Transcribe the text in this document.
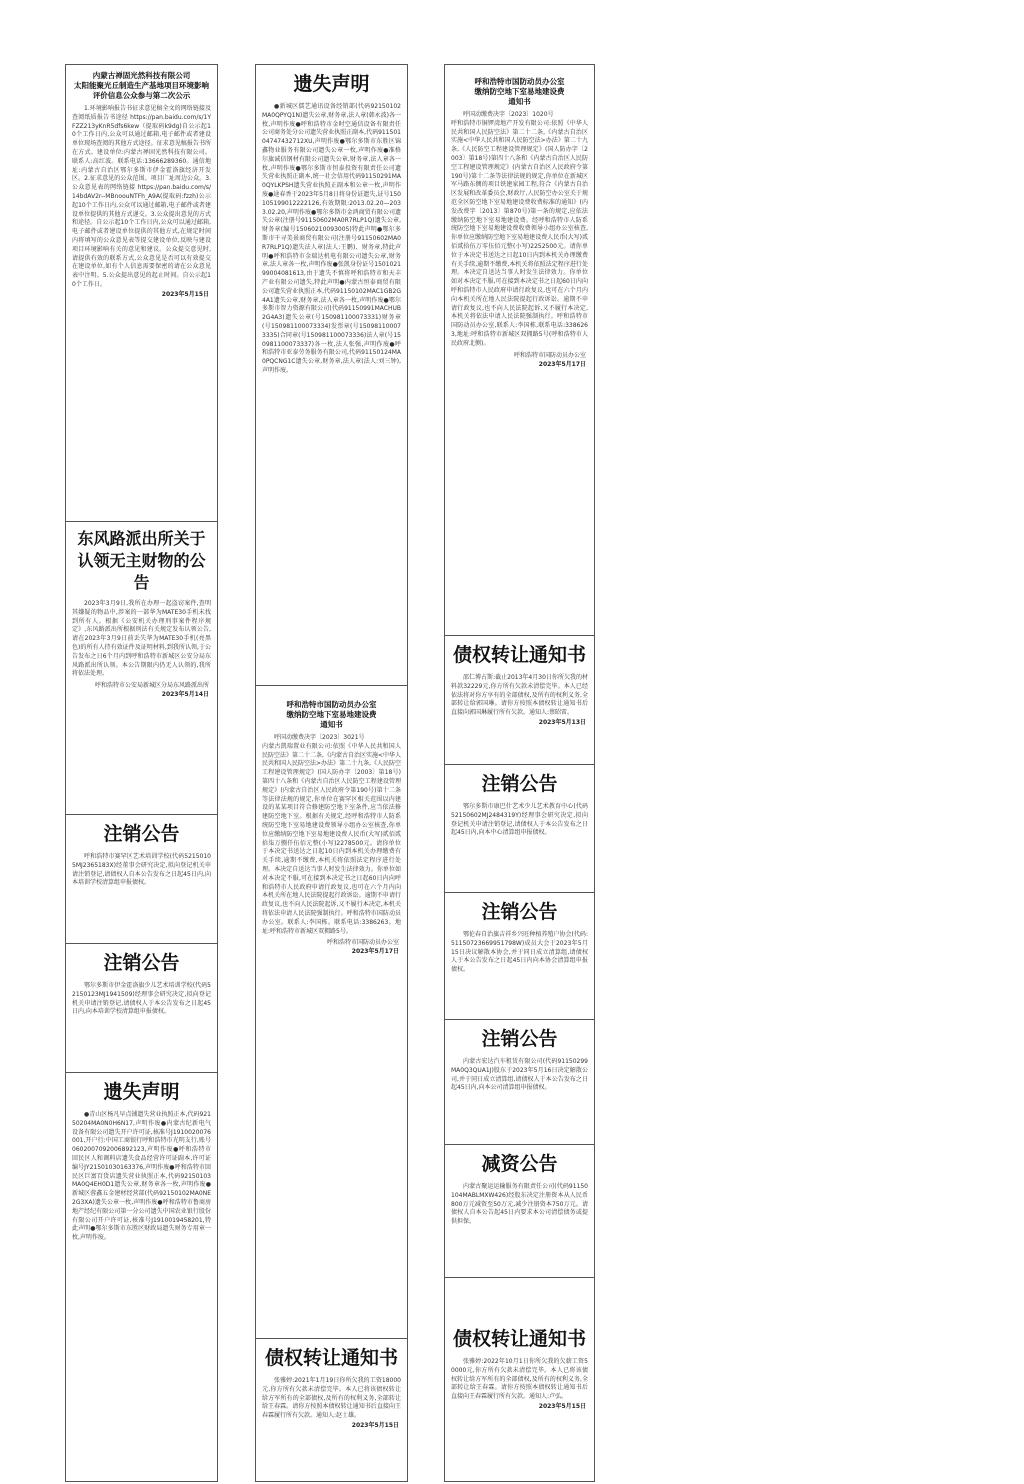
内蒙古禅固光然科技有限公司
太阳能聚光丘制造生产基地项目环境影响评价信息公众参与第二次公示

1.环境影响报告书征求意见稿全文的网络链接及查阅纸质报告书途径 https://pan.baidu.com/s/1YFZZ213yKnR5dfs6kew（提取码k9dg)自公示起10个工作日内,公众可以通过邮箱,电子邮件或者建设单位现场查阅的其他方式途径。征求意见稿报告书所在方式。建设单位:内蒙古禅固光然科技有限公司。联系人:高红波。联系电话:13666289360。通信地址:内蒙古自治区鄂尔多斯市伊金霍洛旗经济开发区。2.征求意见的公众范围。项目厂址周边公众。3.公众意见表的网络链接 https://pan.baidu.com/s/14bdAV2r--MBnoouNTFh_A9A(提取码:fzzh)公示起10个工作日内,公众可以通过邮箱,电子邮件或者建设单位提供的其他方式递交。3.公众提出意见的方式和途径。自公示起10个工作日内,公众可以通过邮箱,电子邮件或者建设单位提供的其他方式,在规定时间内将填写的公众意见表等提交建设单位,反映与建设项目环境影响有关的意见和建议。公众提交意见时,请提供有效的联系方式,公众意见是否可以有效提交在建设单位,如有个人信息需要保密的请在公众意见表中注明。5.公众提出意见的起止时间。自公示起10个工作日。

2023年5月15日
东风路派出所关于认领无主财物的公告

2023年3月9日,我所在办理一起盗窃案件,查明其嫌疑的物品中,涉案的一部华为MATE30手机未找到所有人。根据《公安机关办理刑事案件程序规定》,东风路派出所根据刑法有关规定发布认领公告,请在2023年3月9日前丢失华为MATE30手机(亮黑色)的所有人持有效证件及证明材料,到我所认领,于公告发布之日6个月内到呼和浩特市新城区公安分局东风路派出所认领。本公告期限内仍无人认领的,我所将依法处理。

呼和浩特市公安局新城区分局东风路派出所
2023年5月14日
注销公告

呼和浩特市赛罕区艺术培训学校(代码52150105MJ2365183X)经董事会研究决定,拟向登记机关申请注销登记,请债权人自本公告发布之日起45日内,向本培训学校清算组申报债权。

注销公告

鄂尔多斯市伊金霍洛旗少儿艺术培训学校(代码52150123MJ1941509)经理事会研究决定,拟向登记机关申请注销登记,请债权人于本公告发布之日起45日内,向本培训学校清算组申报债权。

遗失声明

●青山区杨凡早点铺遗失营业执照正本,代码92150204MA0N0H6N17,声明作废●内蒙古纪新电气设备有限公司遗失开户许可证,核准号J1910020076001,开户行:中国工商银行呼和浩特市光明支行,账号0602007092006892123,声明作废●呼和浩特市回民区人和调料店遗失食品经营许可证副本,许可证编号JY21501030163376,声明作废●呼和浩特市回民区巨富百货店遗失营业执照正本,代码92150103MA0Q4EH0D1遗失公章,财务章各一枚,声明作废●新城区蓉鑫五金建材经营部(代码92150102MA0NE2G3XA)遗失公章一枚,声明作废●呼和浩特市鲁商房地产经纪有限公司第一分公司遗失中国农业银行股份有限公司开户许可证,核准号J1910019458201,特此声明●鄂尔多斯市东胜区财政局遗失财务专用章一枚,声明作废。

遗失声明

●新城区儒艺通讯设备经销部(代码92150102MA0QPYQ1N)遗失公章,财务章,法人章(韩永波)各一枚,声明作废●呼和浩特市金时空通信设备有限责任公司商务处分公司遗失营业执照正副本,代码91150104747432712XU,声明作废●鄂尔多斯市东胜区锦鑫物业服务有限公司遗失公章一枚,声明作废●准格尔旗诚信钢材有限公司遗失公章,财务章,法人章各一枚,声明作废●鄂尔多斯市恒泰投资有限责任公司遗失营业执照正副本,统一社会信用代码91150291MA0QYLKPSH遗失营业执照正副本和公章一枚,声明作废●逯春香于2023年5月8日将身份证遗失,证号150105199012222126,有效期限:2013.02.20—2033.02.20,声明作废●鄂尔多斯市金鸿商贸有限公司遗失公章(注册号91150602MA0R7RLP1Q)遗失公章,财务章(编号15060210093005)特此声明●鄂尔多斯市千寻美景商贸有限公司(注册号91150602MA0R7RLP1Q)遗失法人章(法人:王鹏)、财务章,特此声明●呼和浩特市金瑞达机电有限公司遗失公章,财务章,法人章各一枚,声明作废●张凯身份证号150102199004081613,由于遗失不慎将呼和浩特市和天丰产业有限公司遗失,特此声明●内蒙古恒泰商贸有限公司遗失营业执照正本,代码91150102MAC1GB2G4A1遗失公章,财务章,法人章各一枚,声明作废●鄂尔多斯市智力资源有限公司(代码91150991MACHUB2G4A3)遗失公章(号150981100073331)财务章(号150981100073334)发票章(号150981100073335)合同章(号150981100073336)法人章(号150981100073337)各一枚,法人张强,声明作废●呼和浩特市亚泰劳务服务有限公司,代码91150124MA0PQCNG1C遗失公章,财务章,法人章(法人:刘三钟),声明作废。

呼和浩特市国防动员办公室
缴纳防空地下室易地建设费
通知书

呼国动缴费决字〔2023〕3021号
内蒙古凯瑞置业有限公司:依照《中华人民共和国人民防空法》第二十二条,《内蒙古自治区实施<中华人民共和国人民防空法>办法》第二十九条,《人民防空工程建设管理规定》(国人防办字〔2003〕第18号)第四十八条和《内蒙古自治区人民防空工程建设管理规定》(内蒙古自治区人民政府令第190号)第十二条等法律法规的规定,你单位在赛罕区相关范围以内建设的某某项目符合修建防空地下室条件,应当依法修建防空地下室。根据有关规定,经呼和浩特市人防系统防空地下室易地建设费领导小组办公室核查,你单位应缴纳防空地下室易地建设费人民币(大写)贰佰贰拾柒万捌仟伍佰元整(小写)2278500元。请你单位于本决定书送达之日起10日内到本机关办理缴费有关手续,逾期不缴费,本机关将依照法定程序进行处理。本决定自送达当事人时发生法律效力。你单位如对本决定不服,可在接到本决定书之日起60日内向呼和浩特市人民政府申请行政复议,也可在六个月内向本机关所在地人民法院提起行政诉讼。逾期不申请行政复议,也不向人民法院起诉,又不履行本决定,本机关将依法申请人民法院强制执行。呼和浩特市国防动员办公室。联系人:李国栋。联系电话:3386263。地址:呼和浩特市新城区双拥路5号。

呼和浩特市国防动员办公室
2023年5月17日
债权转让通知书

张雅婷:2021年1月19日你所欠我的工资18000元,你方所有欠款未清偿完毕。本人已将该债权转让给方军所有的全部债权,及所有的权利义务,全部转让给王春霖。请你方按照本债权转让通知书后直接向王春霖履行所有欠款。通知人:赵士雄。

2023年5月15日
呼和浩特市国防动员办公室
缴纳防空地下室易地建设费
通知书

呼国动缴费决字〔2023〕1020号
呼和浩特市铜锣湾地产开发有限公司:依照《中华人民共和国人民防空法》第二十二条,《内蒙古自治区实施<中华人民共和国人民防空法>办法》第二十九条,《人民防空工程建设管理规定》(国人防办字〔2003〕第18号)第四十八条和《内蒙古自治区人民防空工程建设管理规定》(内蒙古自治区人民政府令第190号)第十二条等法律法规的规定,你单位在新城区军马路东侧的项目铁建家园工程,符合《内蒙古自治区发展和改革委员会,财政厅,人民防空办公室关于规范全区防空地下室易地建设费收费标准的通知》(内发改费字〔2013〕第870号)第一条的规定,应依法缴纳防空地下室易地建设费。经呼和浩特市人防系统防空地下室易地建设费收费领导小组办公室核查,你单位应缴纳防空地下室易地建设费人民币(大写)贰佰贰拾伍万零伍佰元整(小写)2252500元。请你单位于本决定书送达之日起10日内到本机关办理缴费有关手续,逾期不缴费,本机关将依照法定程序进行处理。本决定自送达当事人时发生法律效力。你单位如对本决定不服,可在接到本决定书之日起60日内向呼和浩特市人民政府申请行政复议,也可在六个月内向本机关所在地人民法院提起行政诉讼。逾期不申请行政复议,也不向人民法院起诉,又不履行本决定,本机关将依法申请人民法院强制执行。呼和浩特市国防动员办公室,联系人:李国栋,联系电话:3386263,地址:呼和浩特市新城区双拥路5号(呼和浩特市人民政府北侧)。

呼和浩特市国防动员办公室
2023年5月17日
债权转让通知书

邵仁博占斯:截止2013年4月30日你所欠我的材料款32229元,你方所有欠款未清偿完毕。本人已经依法将对你方享有的全部债权,及所有的权利义务,全部转让给郭国琳。请你方按照本债权转让通知书后直接向郭国琳履行所有欠款。通知人:蔡昭雷。

2023年5月13日
注销公告

鄂尔多斯市康巴什艺术少儿艺术教育中心(代码52150602MJ2484319Y)经理事会研究决定,拟向登记机关申请注销登记,请债权人于本公告发布之日起45日内,向本中心清算组申报债权。

注销公告

鄂伦春自治旗吉祥乡兴旺种植养殖户协会(代码:51150723669951798W)成员大会于2023年5月15日决议解散本协会,并于同日成立清算组,请债权人于本公告发布之日起45日内向本协会清算组申报债权。

注销公告

内蒙古宏达汽车租赁有限公司(代码91150299MA0Q3QUA1J)股东于2023年5月16日决定解散公司,并于同日成立清算组,请债权人于本公告发布之日起45日内,向本公司清算组申报债权。

减资公告

内蒙古聚运运输服务有限责任公司(代码91150104MABLMXW426)经股东决定注册资本从人民币800万元减资至50万元,减少注册资本750万元。请债权人自本公告起45日内要求本公司清偿债务或提供担保。

债权转让通知书

张雅婷:2022年10月1日你所欠我的欠薪工资50000元,你方所有欠款未清偿完毕。本人已将该债权转让给方军所有的全部债权,及所有的权利义务,全部转让给王春霖。请你方按照本债权转让通知书后直接向王春霖履行所有欠款。通知人:卢弘。

2023年5月15日
